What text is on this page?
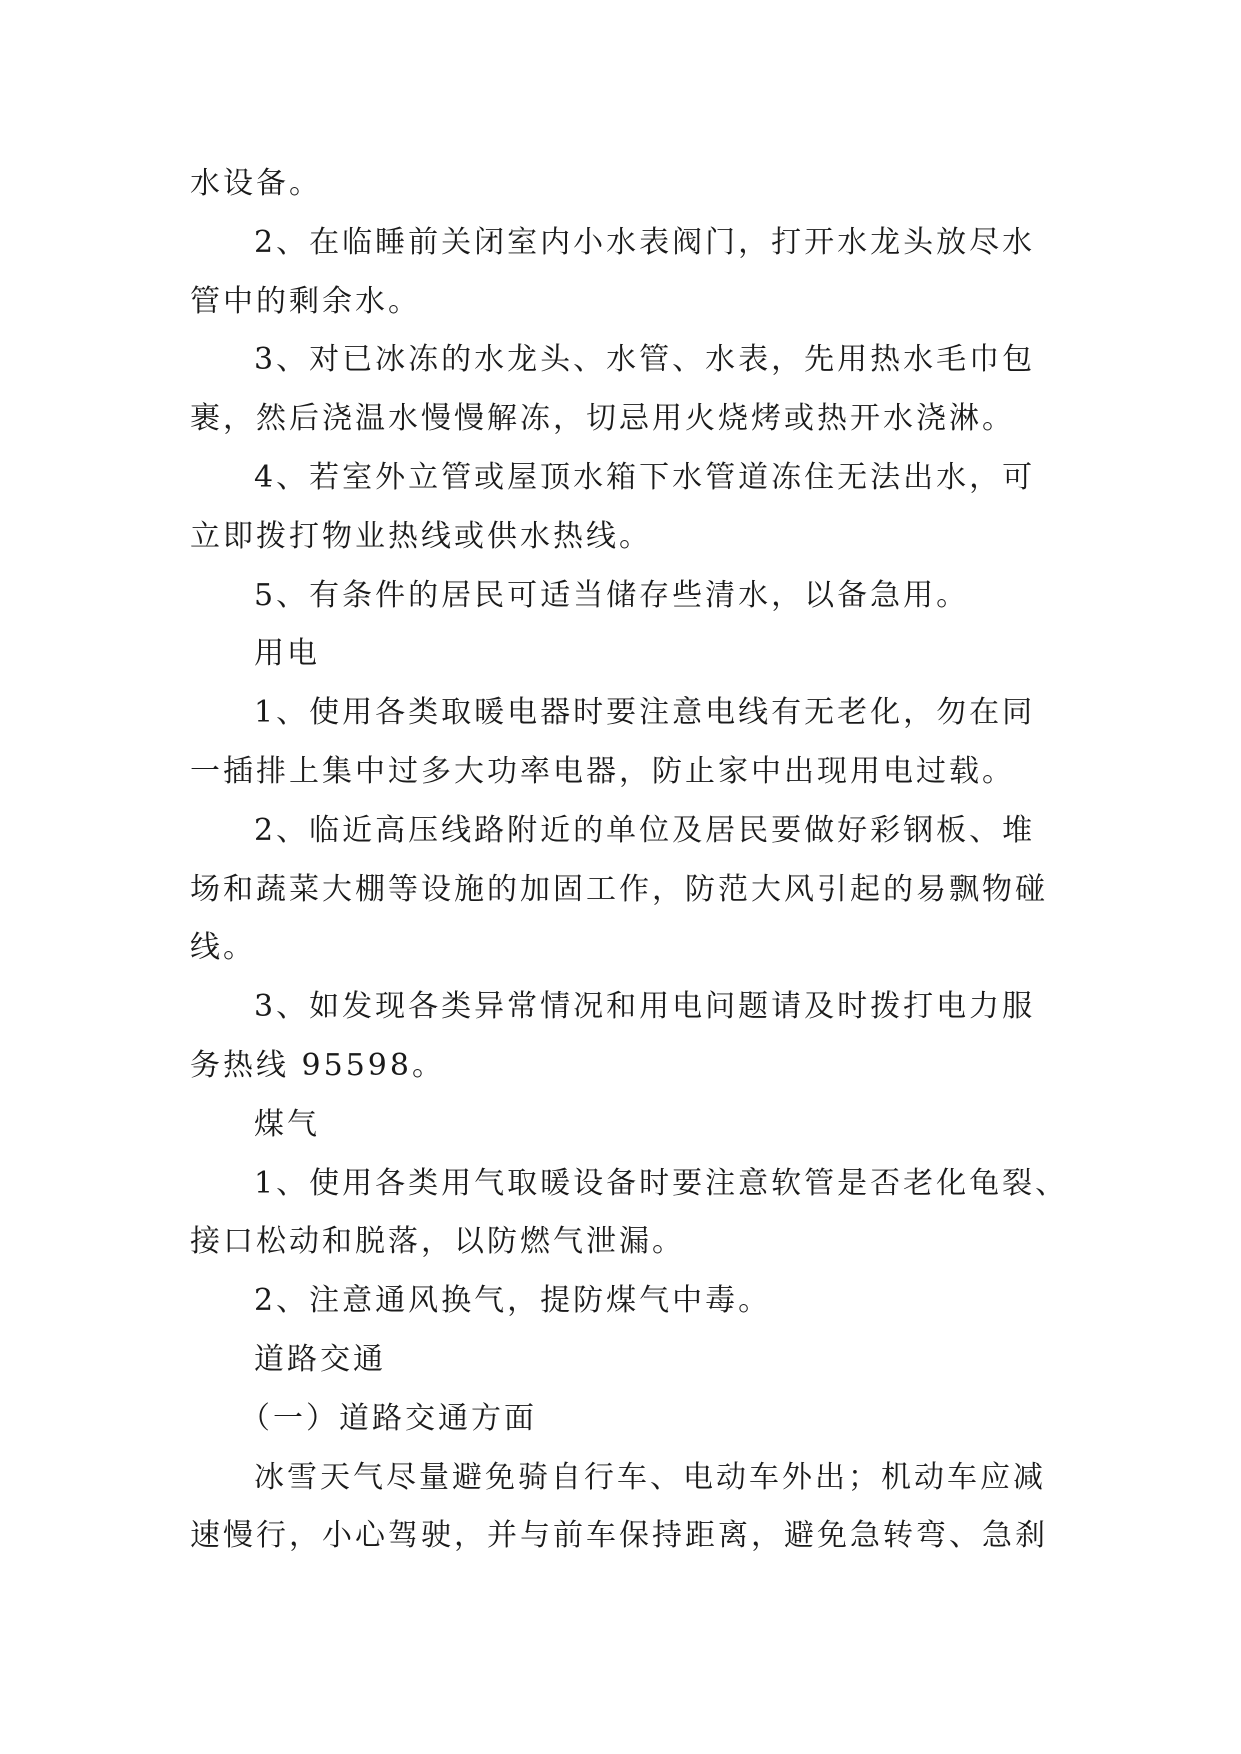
水设备。
2、在临睡前关闭室内小水表阀门，打开水龙头放尽水
管中的剩余水。
3、对已冰冻的水龙头、水管、水表，先用热水毛巾包
裹，然后浇温水慢慢解冻，切忌用火烧烤或热开水浇淋。
4、若室外立管或屋顶水箱下水管道冻住无法出水，可
立即拨打物业热线或供水热线。
5、有条件的居民可适当储存些清水，以备急用。
用电
1、使用各类取暖电器时要注意电线有无老化，勿在同
一插排上集中过多大功率电器，防止家中出现用电过载。
2、临近高压线路附近的单位及居民要做好彩钢板、堆
场和蔬菜大棚等设施的加固工作，防范大风引起的易飘物碰
线。
3、如发现各类异常情况和用电问题请及时拨打电力服
务热线 95598。
煤气
1、使用各类用气取暖设备时要注意软管是否老化龟裂、
接口松动和脱落，以防燃气泄漏。
2、注意通风换气，提防煤气中毒。
道路交通
（一）道路交通方面
冰雪天气尽量避免骑自行车、电动车外出；机动车应减
速慢行，小心驾驶，并与前车保持距离，避免急转弯、急刹
